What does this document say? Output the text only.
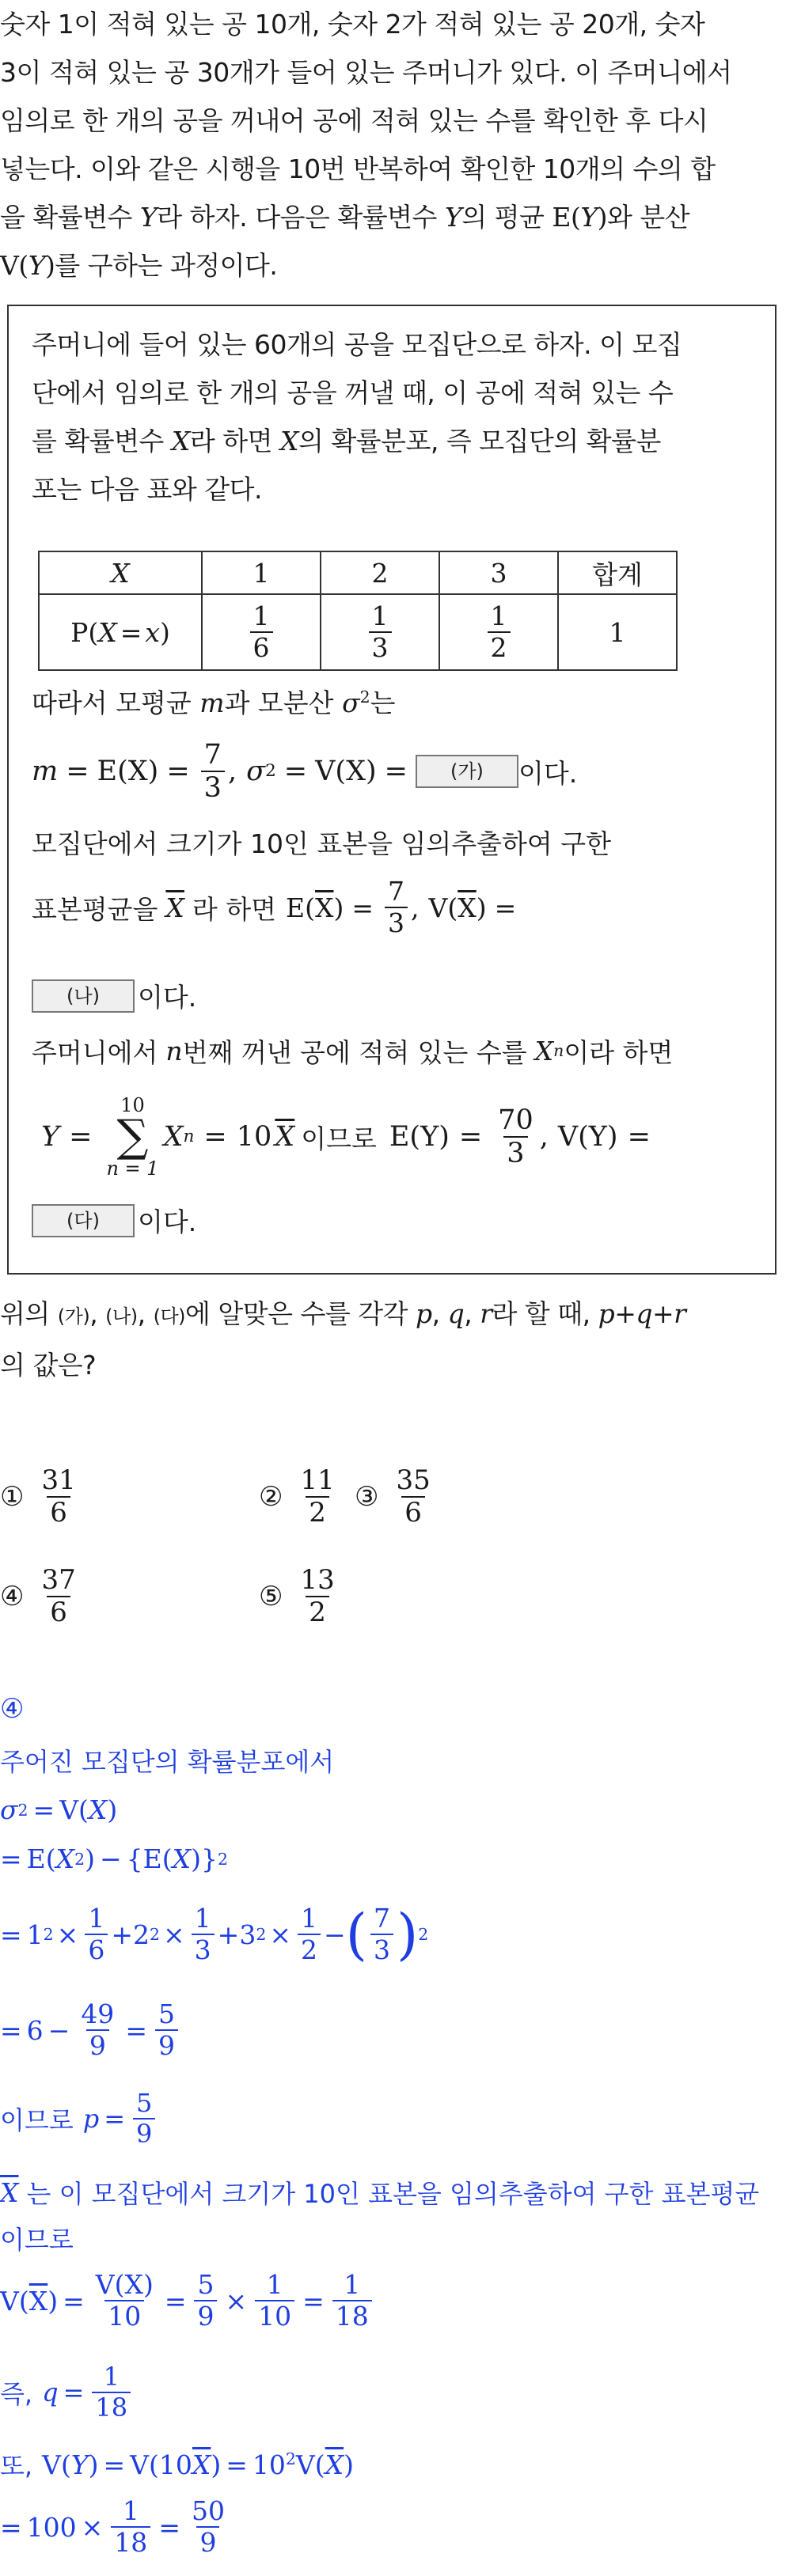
숫자 1이 적혀 있는 공 10개, 숫자 2가 적혀 있는 공 20개, 숫자
3이 적혀 있는 공 30개가 들어 있는 주머니가 있다. 이 주머니에서
임의로 한 개의 공을 꺼내어 공에 적혀 있는 수를 확인한 후 다시
넣는다. 이와 같은 시행을 10번 반복하여 확인한 10개의 수의 합
을 확률변수 Y라 하자. 다음은 확률변수 Y의 평균 E(Y)와 분산
V(Y)를 구하는 과정이다.
주머니에 들어 있는 60개의 공을 모집단으로 하자. 이 모집
단에서 임의로 한 개의 공을 꺼낼 때, 이 공에 적혀 있는 수
를 확률변수 X라 하면 X의 확률분포, 즉 모집단의 확률분
포는 다음 표와 같다.
X	1	2	3	합계
P(X = x)	$\frac{1}{6}$	$\frac{1}{3}$	$\frac{1}{2}$	1
따라서 모평균 m과 모분산 $\sigma^2$는
m = E ( X ) = $\frac{7}{3}$ , σ 2 = V ( X ) =	(가)	이다.
모집단에서 크기가 10인 표본을 임의추출하여 구한
표본평균을 $\overline{X}$ 라 하면 E ( $\overline{X}$ ) = $\frac{7}{3}$ , V ( $\overline{X}$ ) =
(나)	이다.
주머니에서 n 번째 꺼낸 공에 적혀 있는 수를 X n 이라 하면
Y =
10
∑
n = 1
X n = 10 $\overline{X}$ 이므로 E ( Y ) = $\frac{70}{3}$ , V ( Y ) =
(다)	이다.
위의 (가), (나), (다)에 알맞은 수를 각각 p, q, r라 할 때, p+q+r
의 값은?
① $\frac{31}{6}$	② $\frac{11}{2}$ ③ $\frac{35}{6}$
④ $\frac{37}{6}$	⑤ $\frac{13}{2}$
④
주어진 모집단의 확률분포에서
σ 2 = V ( X )
= E ( X 2 ) − { E ( X )} 2
= 1 $2 \times \frac{1}{6} + 2$ $2 \times \frac{1}{3} + 3$ $2 \times \frac{1}{2}$ − ( $\frac{7}{3}$ ) 2
= $6 - \frac{49}{9} = \frac{5}{9}$
이므로 $p = \frac{5}{9}$
$\overline{X}$ 는 이 모집단에서 크기가 10인 표본을 임의추출하여 구한 표본평균
이므로
V ( $\overline{X}$ ) = $\frac{V(X)}{10} = \frac{5}{9} \times \frac{1}{10} = \frac{1}{18}$
즉, $q = \frac{1}{18}$
또, $V(Y) = V(10\overline{X}) = 10^2V(\overline{X})$
= $100 \times \frac{1}{18} = \frac{50}{9}$
